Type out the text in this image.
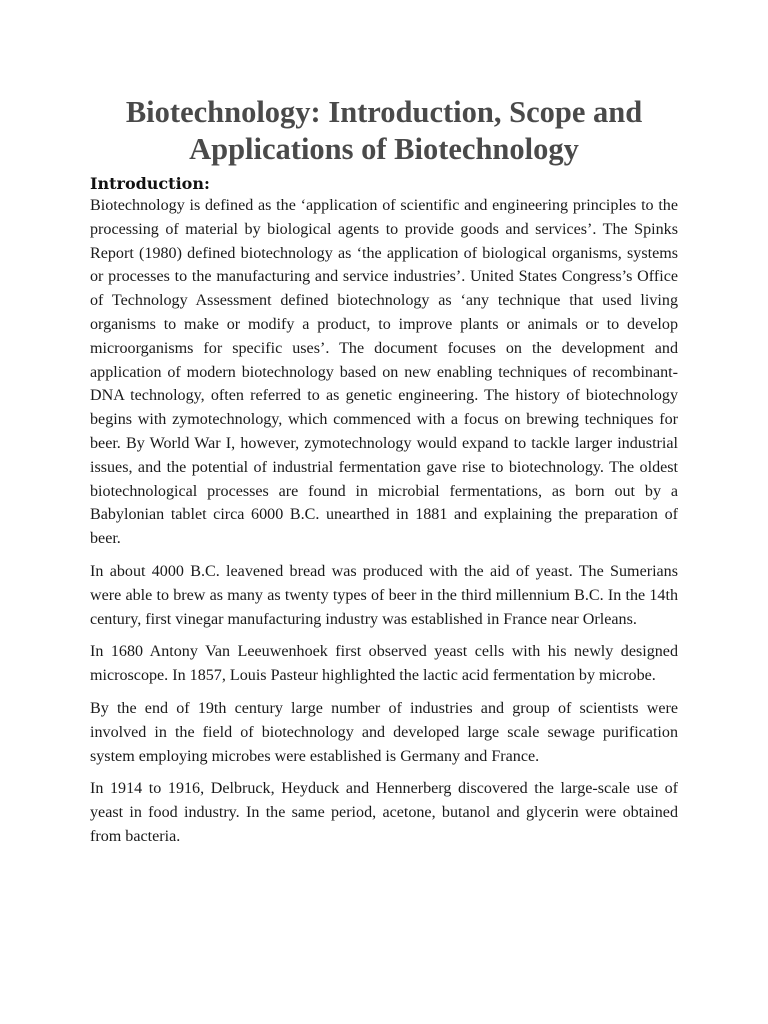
Biotechnology: Introduction, Scope and Applications of Biotechnology
Introduction:

Biotechnology is defined as the ‘application of scientific and engineering principles to the processing of material by biological agents to provide goods and services’. The Spinks Report (1980) defined biotechnology as ‘the application of biological organisms, systems or processes to the manufacturing and service industries’. United States Congress’s Office of Technology Assessment defined biotechnology as ‘any technique that used living organisms to make or modify a product, to improve plants or animals or to develop microorganisms for specific uses’. The document focuses on the development and application of modern biotechnology based on new enabling techniques of recombinant-DNA technology, often referred to as genetic engineering. The history of biotechnology begins with zymotechnology, which commenced with a focus on brewing techniques for beer. By World War I, however, zymotechnology would expand to tackle larger industrial issues, and the potential of industrial fermentation gave rise to biotechnology. The oldest biotechnological processes are found in microbial fermentations, as born out by a Babylonian tablet circa 6000 B.C. unearthed in 1881 and explaining the preparation of beer.

In about 4000 B.C. leavened bread was produced with the aid of yeast. The Sumerians were able to brew as many as twenty types of beer in the third millennium B.C. In the 14th century, first vinegar manufacturing industry was established in France near Orleans.

In 1680 Antony Van Leeuwenhoek first observed yeast cells with his newly designed microscope. In 1857, Louis Pasteur highlighted the lactic acid fermentation by microbe.

By the end of 19th century large number of industries and group of scientists were involved in the field of biotechnology and developed large scale sewage purification system employing microbes were established is Germany and France.

In 1914 to 1916, Delbruck, Heyduck and Hennerberg discovered the large-scale use of yeast in food industry. In the same period, acetone, butanol and glycerin were obtained from bacteria.
